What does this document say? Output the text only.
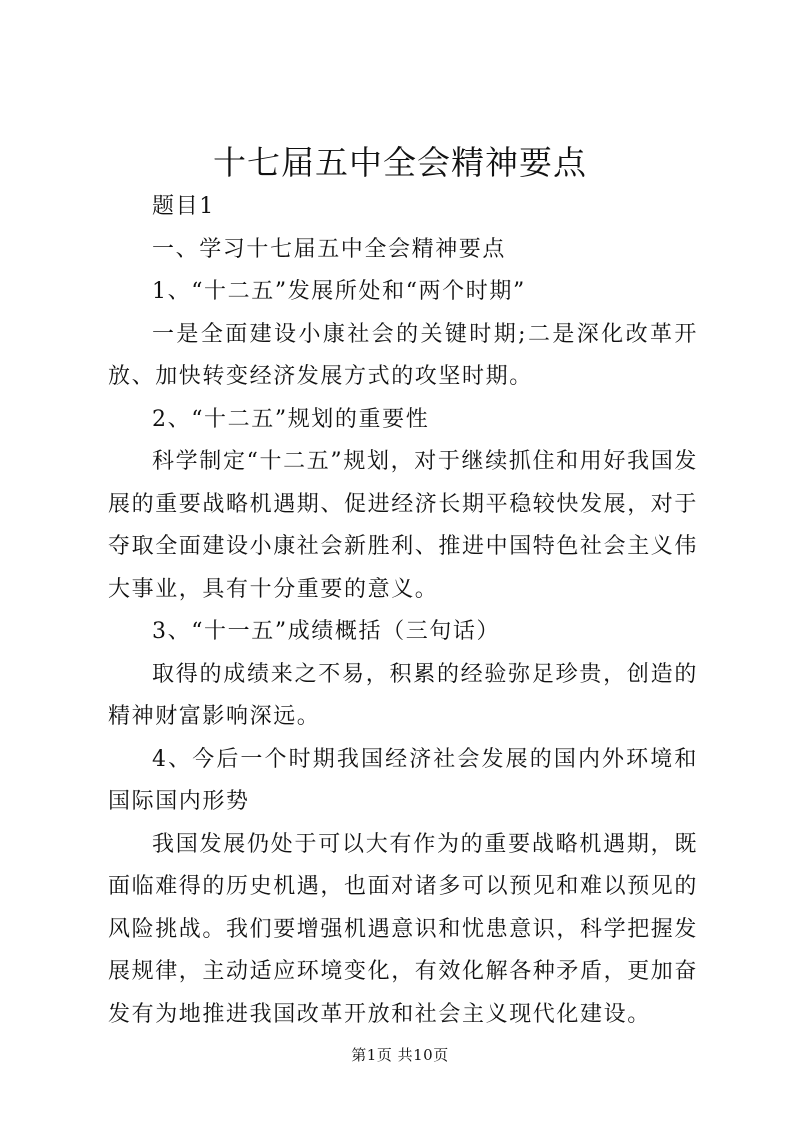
十七届五中全会精神要点

题目1

一、学习十七届五中全会精神要点

1、“十二五”发展所处和“两个时期”

一是全面建设小康社会的关键时期;二是深化改革开放、加快转变经济发展方式的攻坚时期。

2、“十二五”规划的重要性

科学制定“十二五”规划，对于继续抓住和用好我国发展的重要战略机遇期、促进经济长期平稳较快发展，对于夺取全面建设小康社会新胜利、推进中国特色社会主义伟大事业，具有十分重要的意义。

3、“十一五”成绩概括（三句话）

取得的成绩来之不易，积累的经验弥足珍贵，创造的精神财富影响深远。

4、今后一个时期我国经济社会发展的国内外环境和国际国内形势

我国发展仍处于可以大有作为的重要战略机遇期，既面临难得的历史机遇，也面对诸多可以预见和难以预见的风险挑战。我们要增强机遇意识和忧患意识，科学把握发展规律，主动适应环境变化，有效化解各种矛盾，更加奋发有为地推进我国改革开放和社会主义现代化建设。

第1页 共10页
